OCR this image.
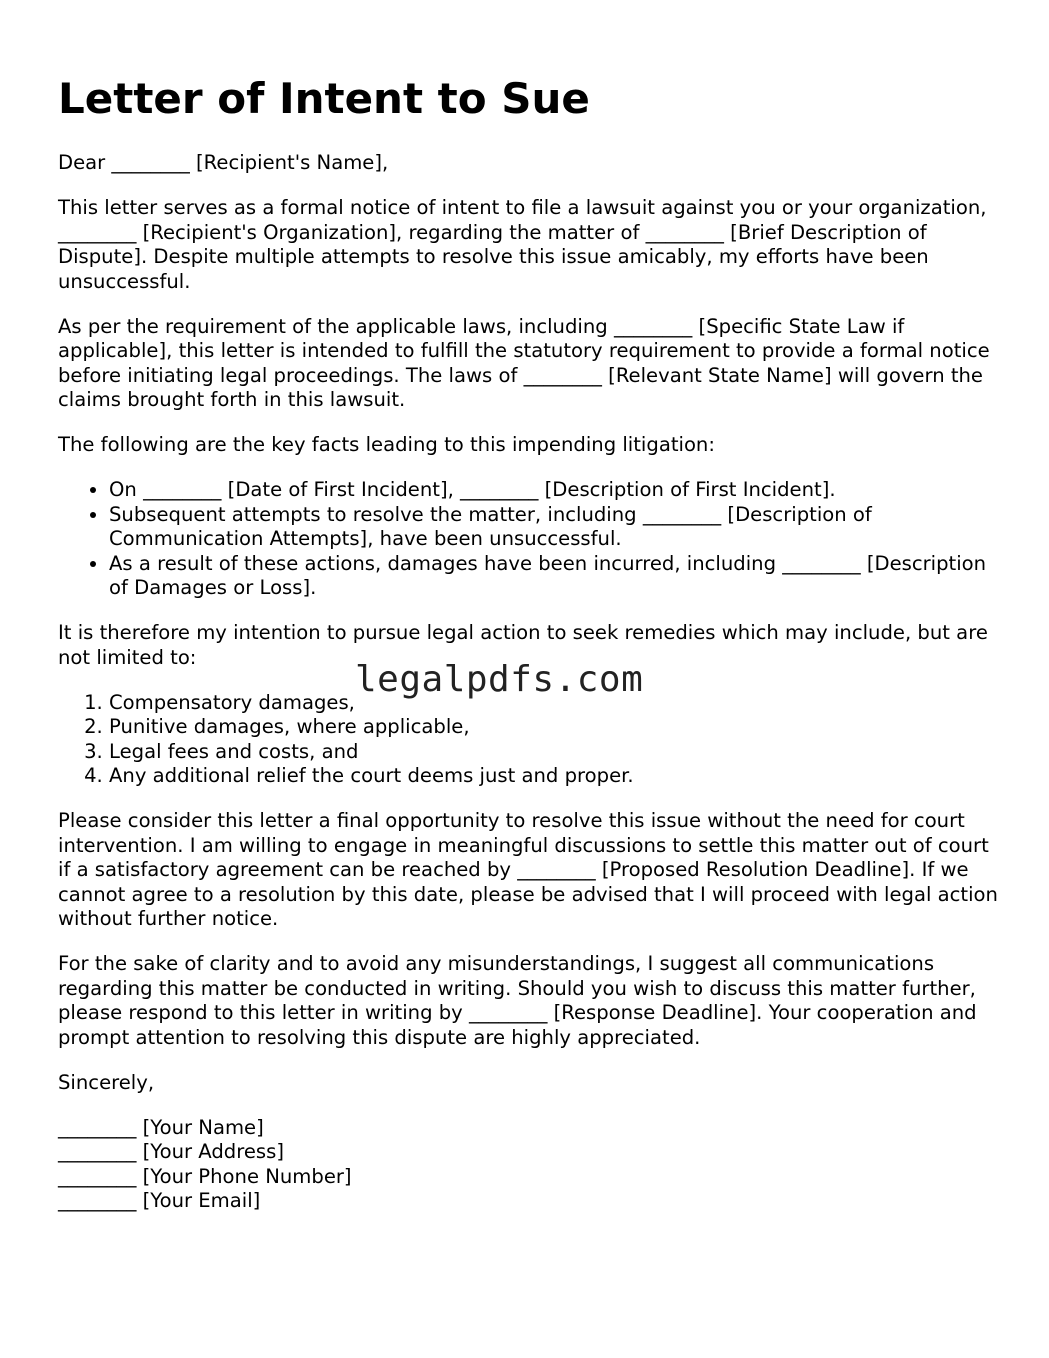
Letter of Intent to Sue

Dear ________ [Recipient's Name],

This letter serves as a formal notice of intent to file a lawsuit against you or your organization, ________ [Recipient's Organization], regarding the matter of ________ [Brief Description of Dispute]. Despite multiple attempts to resolve this issue amicably, my efforts have been unsuccessful.

As per the requirement of the applicable laws, including ________ [Specific State Law if applicable], this letter is intended to fulfill the statutory requirement to provide a formal notice before initiating legal proceedings. The laws of ________ [Relevant State Name] will govern the claims brought forth in this lawsuit.

The following are the key facts leading to this impending litigation:

• On ________ [Date of First Incident], ________ [Description of First Incident].
• Subsequent attempts to resolve the matter, including ________ [Description of Communication Attempts], have been unsuccessful.
• As a result of these actions, damages have been incurred, including ________ [Description of Damages or Loss].

It is therefore my intention to pursue legal action to seek remedies which may include, but are not limited to:

1. Compensatory damages,
2. Punitive damages, where applicable,
3. Legal fees and costs, and
4. Any additional relief the court deems just and proper.

Please consider this letter a final opportunity to resolve this issue without the need for court intervention. I am willing to engage in meaningful discussions to settle this matter out of court if a satisfactory agreement can be reached by ________ [Proposed Resolution Deadline]. If we cannot agree to a resolution by this date, please be advised that I will proceed with legal action without further notice.

For the sake of clarity and to avoid any misunderstandings, I suggest all communications regarding this matter be conducted in writing. Should you wish to discuss this matter further, please respond to this letter in writing by ________ [Response Deadline]. Your cooperation and prompt attention to resolving this dispute are highly appreciated.

Sincerely,

________ [Your Name]
________ [Your Address]
________ [Your Phone Number]
________ [Your Email]

legalpdfs.com
